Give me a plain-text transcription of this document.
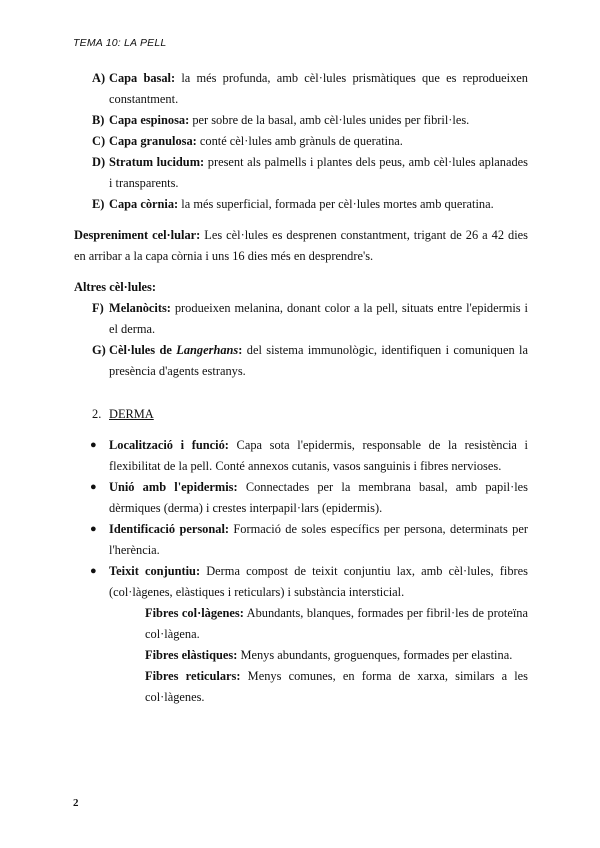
TEMA 10: LA PELL
A) Capa basal: la més profunda, amb cèl·lules prismàtiques que es reprodueixen constantment.
B) Capa espinosa: per sobre de la basal, amb cèl·lules unides per fibril·les.
C) Capa granulosa: conté cèl·lules amb grànuls de queratina.
D) Stratum lucidum: present als palmells i plantes dels peus, amb cèl·lules aplanades i transparents.
E) Capa còrnia: la més superficial, formada per cèl·lules mortes amb queratina.

Despreniment cel·lular: Les cèl·lules es desprenen constantment, trigant de 26 a 42 dies en arribar a la capa còrnia i uns 16 dies més en desprendre's.

Altres cèl·lules:

F) Melanòcits: produeixen melanina, donant color a la pell, situats entre l'epidermis i el derma.
G) Cèl·lules de Langerhans: del sistema immunològic, identifiquen i comuniquen la presència d'agents estranys.

2. DERMA

● Localització i funció: Capa sota l'epidermis, responsable de la resistència i flexibilitat de la pell. Conté annexos cutanis, vasos sanguinis i fibres nervioses.
● Unió amb l'epidermis: Connectades per la membrana basal, amb papil·les dèrmiques (derma) i crestes interpapil·lars (epidermis).
● Identificació personal: Formació de soles específics per persona, determinats per l'herència.
● Teixit conjuntiu: Derma compost de teixit conjuntiu lax, amb cèl·lules, fibres (col·làgenes, elàstiques i reticulars) i substància intersticial.
Fibres col·làgenes: Abundants, blanques, formades per fibril·les de proteïna col·làgena.
Fibres elàstiques: Menys abundants, groguenques, formades per elastina.
Fibres reticulars: Menys comunes, en forma de xarxa, similars a les col·làgenes.
2
